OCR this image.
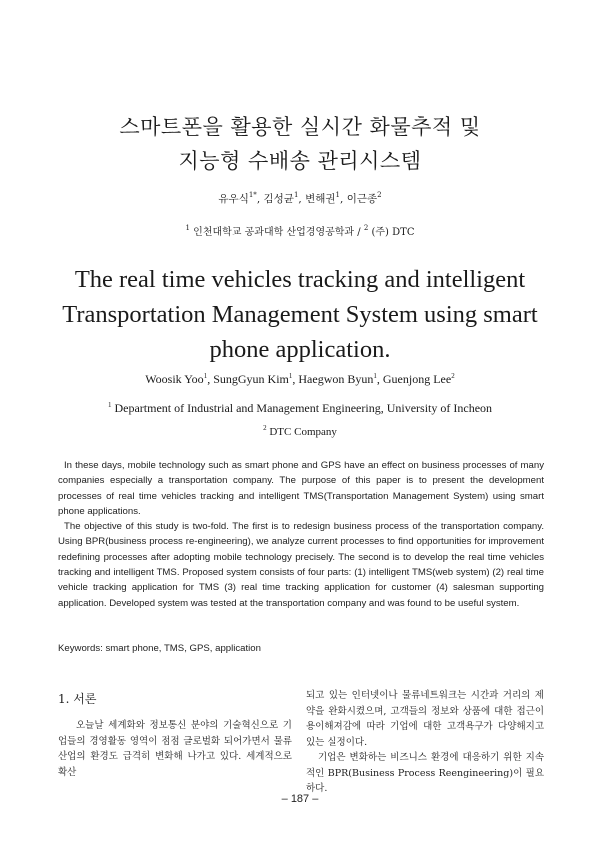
스마트폰을 활용한 실시간 화물추적 및
지능형 수배송 관리시스템
유우식$^{1*}$, 김성균$^1$, 변해권$^1$, 이근종$^2$
$^1$ 인천대학교 공과대학 산업경영공학과 / $^2$ (주) DTC
The real time vehicles tracking and intelligent
Transportation Management System using smart
phone application.
Woosik Yoo$^1$, SungGyun Kim$^1$, Haegwon Byun$^1$, Guenjong Lee$^2$
$^1$ Department of Industrial and Management Engineering, University of Incheon
$^2$ DTC Company

In these days, mobile technology such as smart phone and GPS have an effect on business processes of many companies especially a transportation company. The purpose of this paper is to present the development processes of real time vehicles tracking and intelligent TMS(Transportation Management System) using smart phone applications.

The objective of this study is two-fold. The first is to redesign business process of the transportation company. Using BPR(business process re-engineering), we analyze current processes to find opportunities for improvement redefining processes after adopting mobile technology precisely. The second is to develop the real time vehicles tracking and intelligent TMS. Proposed system consists of four parts: (1) intelligent TMS(web system) (2) real time vehicle tracking application for TMS (3) real time tracking application for customer (4) salesman supporting application. Developed system was tested at the transportation company and was found to be useful system.

Keywords: smart phone, TMS, GPS, application
1. 서론

오늘날 세계화와 정보통신 분야의 기술혁신으로 기업들의 경영활동 영역이 점점 글로벌화 되어가면서 물류산업의 환경도 급격히 변화해 나가고 있다. 세계적으로 확산

되고 있는 인터넷이나 물류네트워크는 시간과 거리의 제약을 완화시켰으며, 고객들의 정보와 상품에 대한 접근이 용이해져감에 따라 기업에 대한 고객욕구가 다양해지고 있는 실정이다.

기업은 변화하는 비즈니스 환경에 대응하기 위한 지속적인 BPR(Business Process Reengineering)이 필요하다.

– 187 –
